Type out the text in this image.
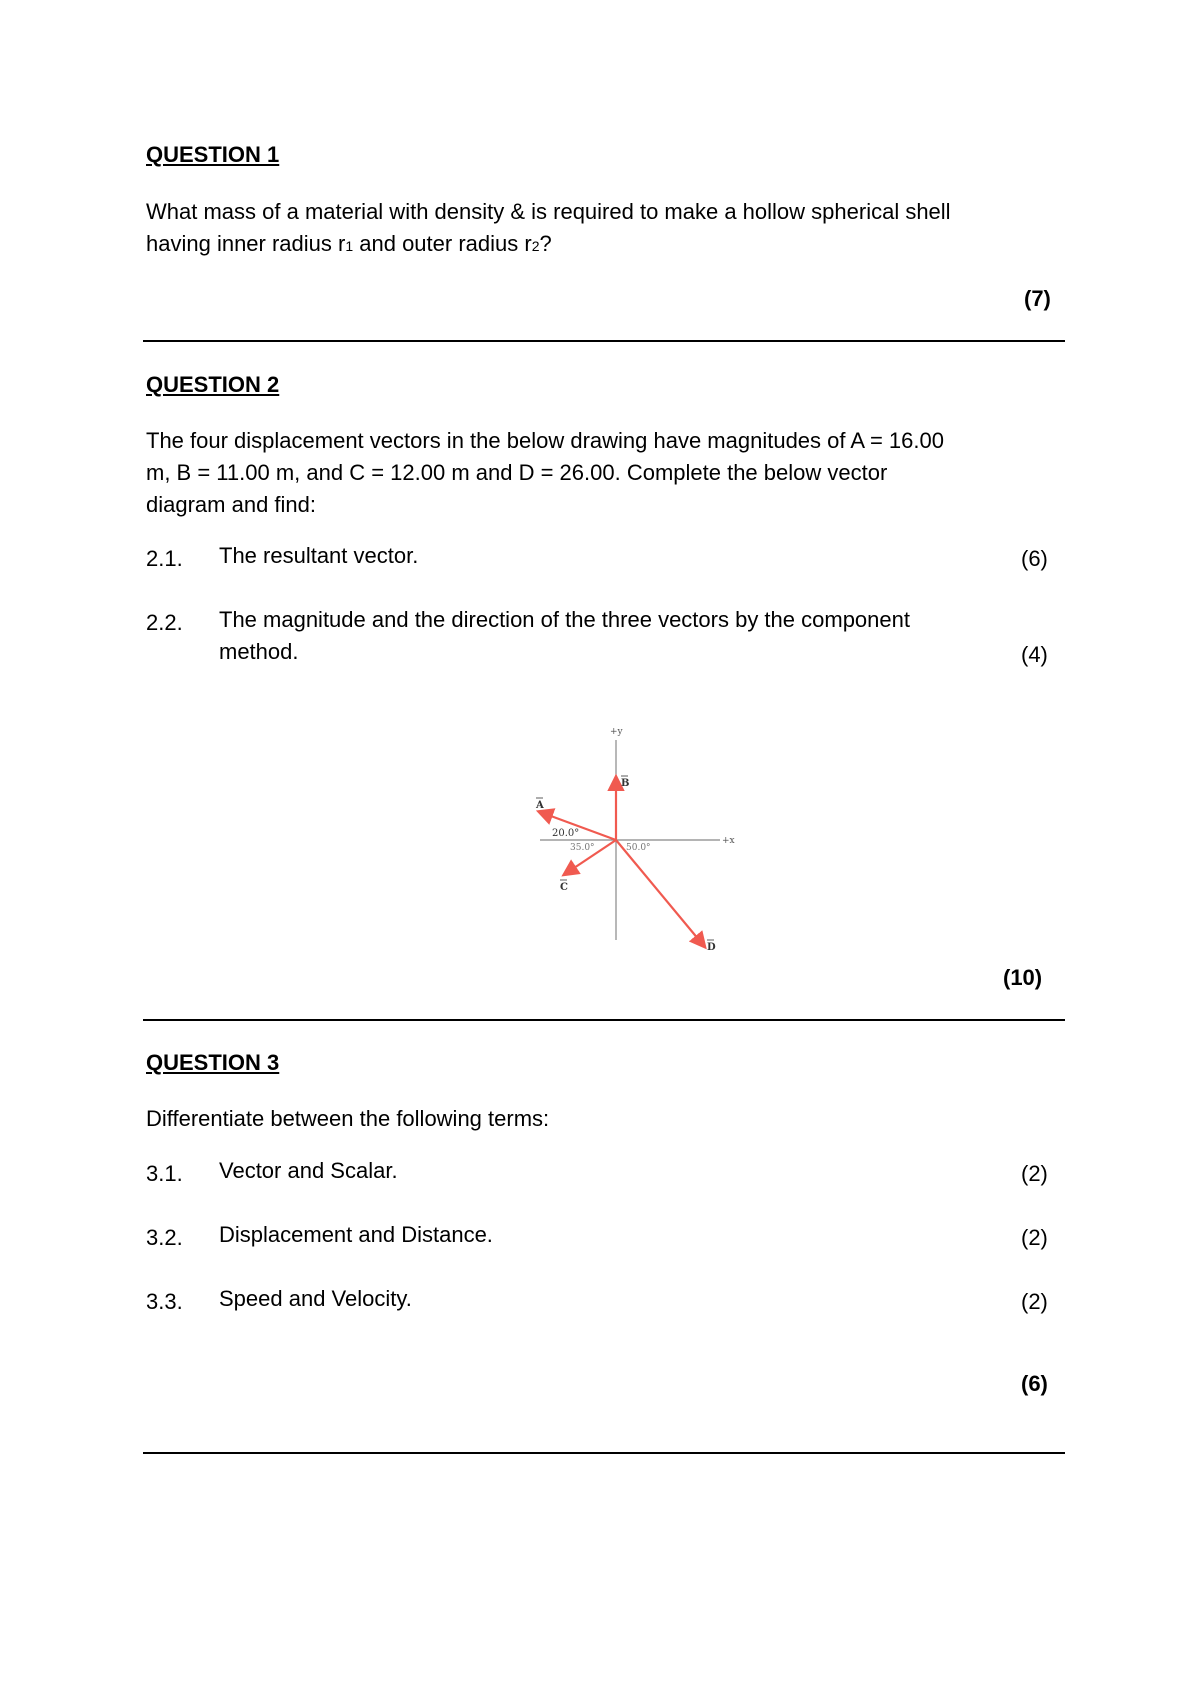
QUESTION 1
What mass of a material with density & is required to make a hollow spherical shell
having inner radius r1 and outer radius r2?
(7)
QUESTION 2
The four displacement vectors in the below drawing have magnitudes of A = 16.00
m, B = 11.00 m, and C = 12.00 m and D = 26.00. Complete the below vector
diagram and find:
2.1. The resultant vector.	(6)
2.2. The magnitude and the direction of the three vectors by the component
method.	(4)
+y
+x
B
A
C
D
20.0°
35.0°	50.0°
(10)
QUESTION 3
Differentiate between the following terms:
3.1. Vector and Scalar.	(2)
3.2. Displacement and Distance.	(2)
3.3. Speed and Velocity.	(2)
(6)
